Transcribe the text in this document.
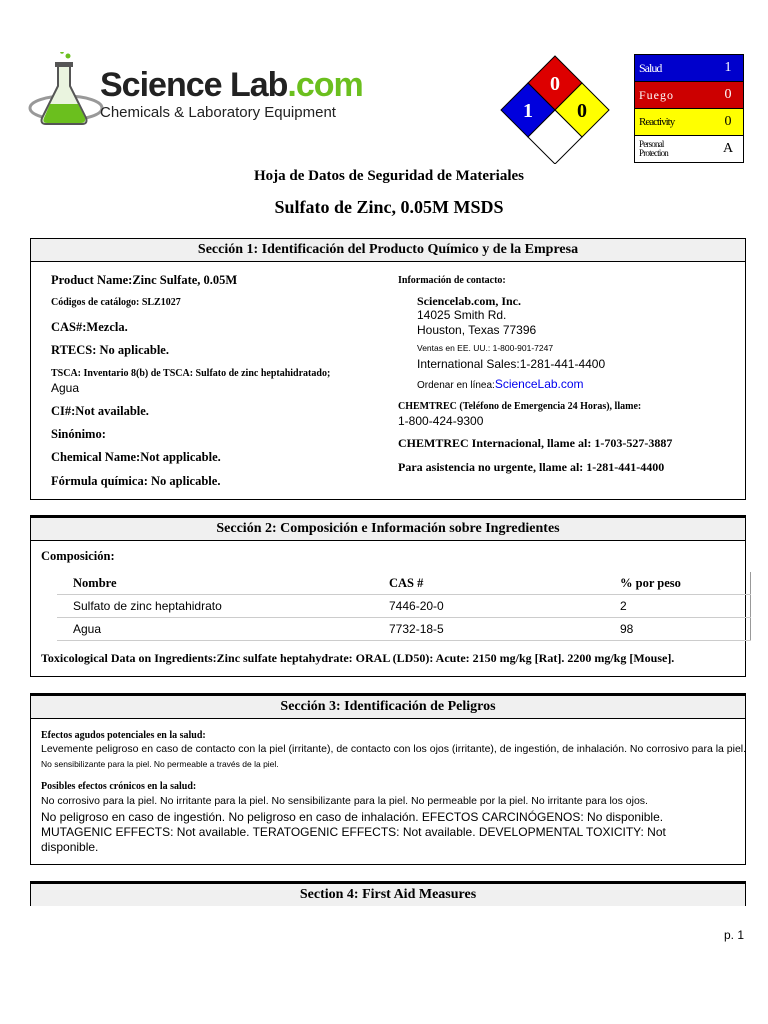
Science Lab.com
Chemicals & Laboratory Equipment
0
1 0
Salud	1
Fuego	0
Reactivity	0
Personal Protection	A
Hoja de Datos de Seguridad de Materiales
Sulfato de Zinc, 0.05M MSDS
Sección 1: Identificación del Producto Químico y de la Empresa
Product Name:Zinc Sulfate, 0.05M
Códigos de catálogo: SLZ1027
CAS#:Mezcla.
RTECS: No aplicable.
TSCA: Inventario 8(b) de TSCA: Sulfato de zinc heptahidratado;
Agua
CI#:Not available.
Sinónimo:
Chemical Name:Not applicable.
Fórmula química: No aplicable.
Información de contacto:
Sciencelab.com, Inc.
14025 Smith Rd.
Houston, Texas 77396
Ventas en EE. UU.: 1-800-901-7247
International Sales:1-281-441-4400
Ordenar en línea:ScienceLab.com
CHEMTREC (Teléfono de Emergencia 24 Horas), llame:
1-800-424-9300
CHEMTREC Internacional, llame al: 1-703-527-3887
Para asistencia no urgente, llame al: 1-281-441-4400
Sección 2: Composición e Información sobre Ingredientes
Composición:
Nombre	CAS #	% por peso
Sulfato de zinc heptahidrato	7446-20-0	2
Agua	7732-18-5	98
Toxicological Data on Ingredients:Zinc sulfate heptahydrate: ORAL (LD50): Acute: 2150 mg/kg [Rat]. 2200 mg/kg [Mouse].
Sección 3: Identificación de Peligros
Efectos agudos potenciales en la salud:
Levemente peligroso en caso de contacto con la piel (irritante), de contacto con los ojos (irritante), de ingestión, de inhalación. No corrosivo para la piel.
No sensibilizante para la piel. No permeable a través de la piel.
Posibles efectos crónicos en la salud:
No corrosivo para la piel. No irritante para la piel. No sensibilizante para la piel. No permeable por la piel. No irritante para los ojos.
No peligroso en caso de ingestión. No peligroso en caso de inhalación. EFECTOS CARCINÓGENOS: No disponible.
MUTAGENIC EFFECTS: Not available. TERATOGENIC EFFECTS: Not available. DEVELOPMENTAL TOXICITY: Not
disponible.
Section 4: First Aid Measures
p. 1
